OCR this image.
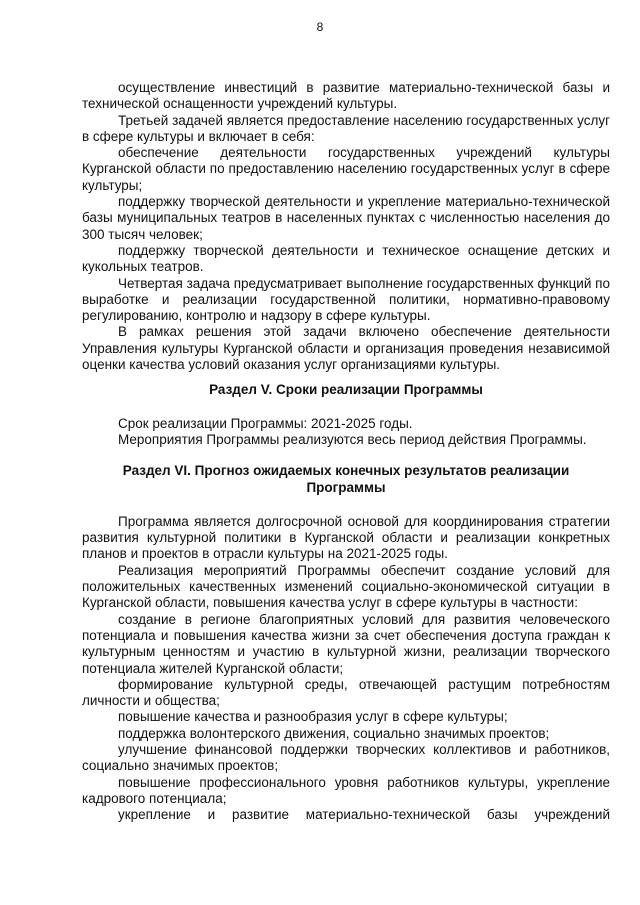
8

осуществление инвестиций в развитие материально-технической базы и технической оснащенности учреждений культуры.

Третьей задачей является предоставление населению государственных услуг в сфере культуры и включает в себя:

обеспечение деятельности государственных учреждений культуры Курганской области по предоставлению населению государственных услуг в сфере культуры;

поддержку творческой деятельности и укрепление материально-технической базы муниципальных театров в населенных пунктах с численностью населения до 300 тысяч человек;

поддержку творческой деятельности и техническое оснащение детских и кукольных театров.

Четвертая задача предусматривает выполнение государственных функций по выработке и реализации государственной политики, нормативно-правовому регулированию, контролю и надзору в сфере культуры.

В рамках решения этой задачи включено обеспечение деятельности Управления культуры Курганской области и организация проведения независимой оценки качества условий оказания услуг организациями культуры.

Раздел V. Сроки реализации Программы

Срок реализации Программы: 2021-2025 годы.

Мероприятия Программы реализуются весь период действия Программы.

Раздел VI. Прогноз ожидаемых конечных результатов реализации Программы

Программа является долгосрочной основой для координирования стратегии развития культурной политики в Курганской области и реализации конкретных планов и проектов в отрасли культуры на 2021-2025 годы.

Реализация мероприятий Программы обеспечит создание условий для положительных качественных изменений социально-экономической ситуации в Курганской области, повышения качества услуг в сфере культуры в частности:

создание в регионе благоприятных условий для развития человеческого потенциала и повышения качества жизни за счет обеспечения доступа граждан к культурным ценностям и участию в культурной жизни, реализации творческого потенциала жителей Курганской области;

формирование культурной среды, отвечающей растущим потребностям личности и общества;

повышение качества и разнообразия услуг в сфере культуры;

поддержка волонтерского движения, социально значимых проектов;

улучшение финансовой поддержки творческих коллективов и работников, социально значимых проектов;

повышение профессионального уровня работников культуры, укрепление кадрового потенциала;

укрепление и развитие материально-технической базы учреждений
